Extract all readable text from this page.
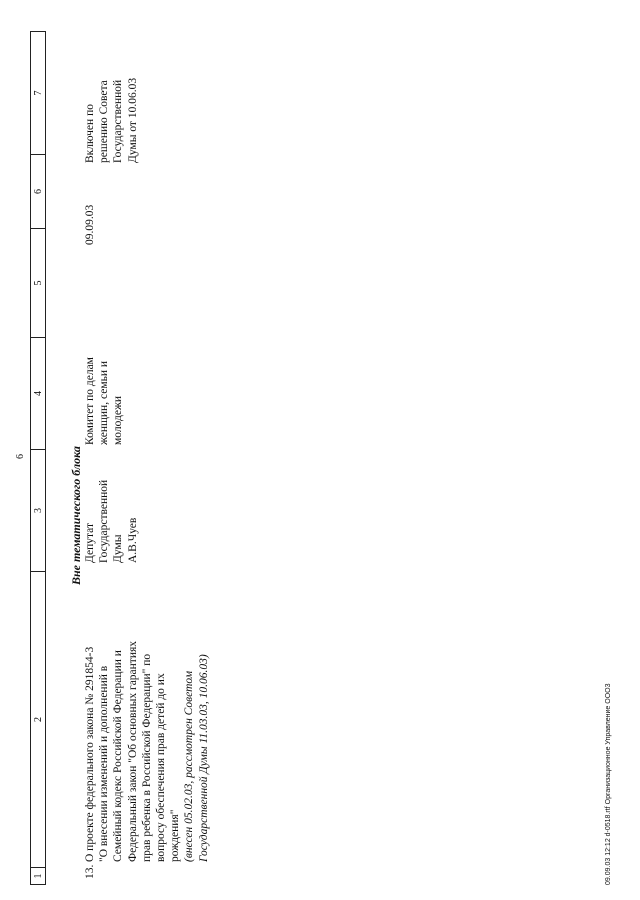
6
1
2
3
4
5
6
7
Вне тематического блока
13.
О проекте федерального закона № 291854-3 "О внесении изменений и дополнений в Семейный кодекс Российской Федерации и Федеральный закон "Об основных гарантиях прав ребенка в Российской Федерации" по вопросу обеспечения прав детей до их рождения" (внесен 05.02.03, рассмотрен Советом Государственной Думы 11.03.03, 10.06.03)
Депутат Государственной Думы А.В.Чуев
Комитет по делам женщин, семьи и молодежи
09.09.03
Включен по решению Совета Государственной Думы от 10.06.03
09.09.03 12:12 d-0518.rtfОрганизационное Управление ООО3
